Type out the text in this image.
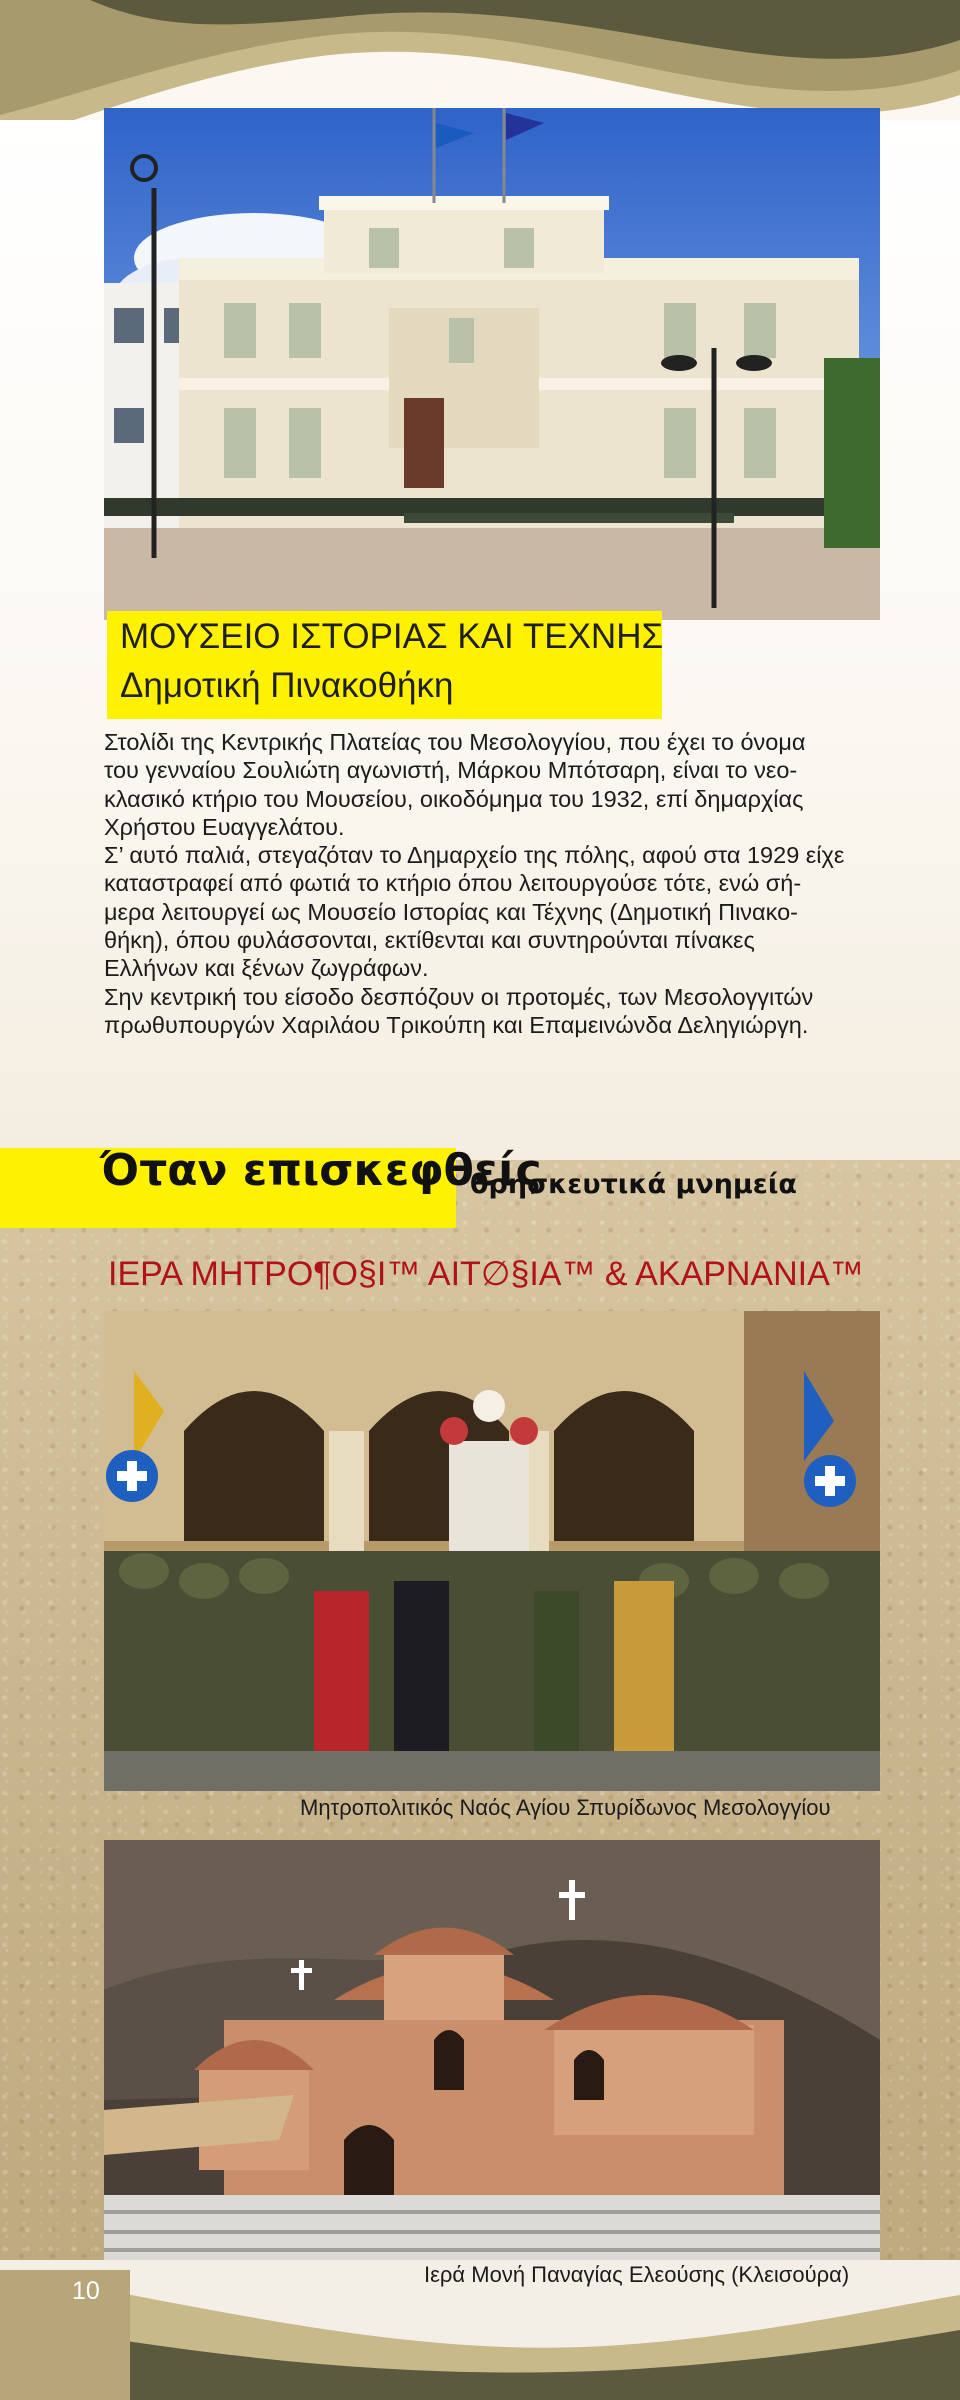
ΜΟΥΣΕΙΟ ΙΣΤΟΡΙΑΣ ΚΑΙ ΤΕΧΝΗΣ
Δημοτική Πινακοθήκη

Στολίδι της Κεντρικής Πλατείας του Μεσολογγίου, που έχει το όνομα

του γενναίου Σουλιώτη αγωνιστή, Μάρκου Μπότσαρη, είναι το νεο-

κλασικό κτήριο του Μουσείου, οικοδόμημα του 1932, επί δημαρχίας

Χρήστου Ευαγγελάτου.

Σ’ αυτό παλιά, στεγαζόταν το Δημαρχείο της πόλης, αφού στα 1929 είχε

καταστραφεί από φωτιά το κτήριο όπου λειτουργούσε τότε, ενώ σή-

μερα λειτουργεί ως Μουσείο Ιστορίας και Τέχνης (Δημοτική Πινακο-

θήκη), όπου φυλάσσονται, εκτίθενται και συντηρούνται πίνακες

Ελλήνων και ξένων ζωγράφων.

Σην κεντρική του είσοδο δεσπόζουν οι προτομές, των Μεσολογγιτών

πρωθυπουργών Χαριλάου Τρικούπη και Επαμεινώνδα Δεληγιώργη.

Όταν επισκεφθείς
θρησκευτικά μνημεία
ΙΕΡΑ ΜΗΤΡΟ¶Ο§Ι™ ΑΙΤ∅§ΙΑ™ & ΑΚΑΡΝΑΝΙΑ™
Μητροπολιτικός Ναός Αγίου Σπυρίδωνος Μεσολογγίου
Ιερά Μονή Παναγίας Ελεούσης (Κλεισούρα)
10
